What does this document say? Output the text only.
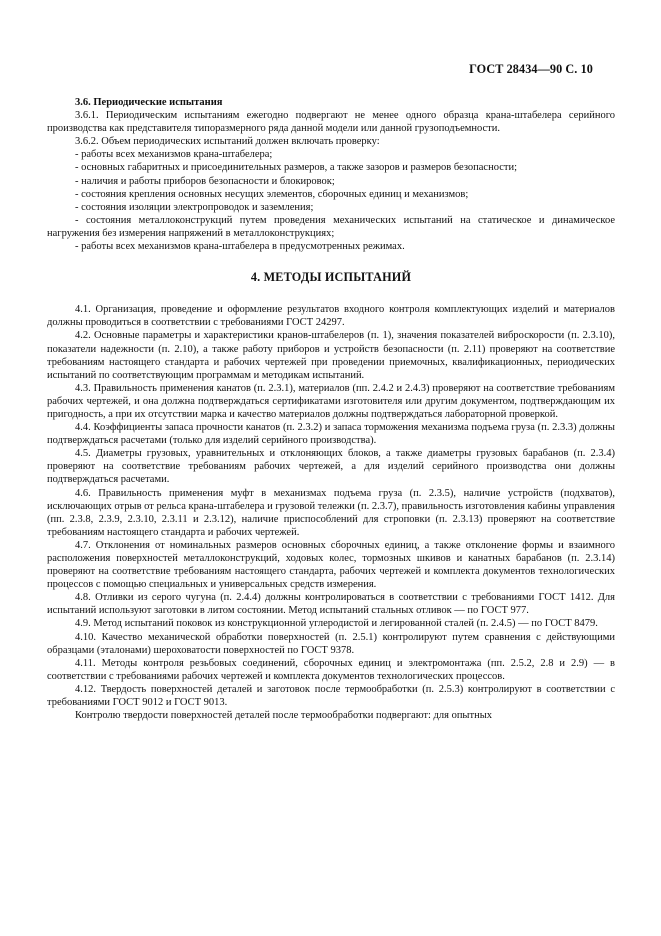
ГОСТ 28434—90 С. 10

3.6. Периодические испытания

3.6.1. Периодическим испытаниям ежегодно подвергают не менее одного образца крана-штабелера серийного производства как представителя типоразмерного ряда данной модели или данной грузоподъемности.

3.6.2. Объем периодических испытаний должен включать проверку:

- работы всех механизмов крана-штабелера;

- основных габаритных и присоединительных размеров, а также зазоров и размеров безопасности;

- наличия и работы приборов безопасности и блокировок;

- состояния крепления основных несущих элементов, сборочных единиц и механизмов;

- состояния изоляции электропроводок и заземления;

- состояния металлоконструкций путем проведения механических испытаний на статическое и динамическое нагружения без измерения напряжений в металлоконструкциях;

- работы всех механизмов крана-штабелера в предусмотренных режимах.

4. МЕТОДЫ ИСПЫТАНИЙ

4.1. Организация, проведение и оформление результатов входного контроля комплектующих изделий и материалов должны проводиться в соответствии с требованиями ГОСТ 24297.

4.2. Основные параметры и характеристики кранов-штабелеров (п. 1), значения показателей виброскорости (п. 2.3.10), показатели надежности (п. 2.10), а также работу приборов и устройств безопасности (п. 2.11) проверяют на соответствие требованиям настоящего стандарта и рабочих чертежей при проведении приемочных, квалификационных, периодических испытаний по соответствующим программам и методикам испытаний.

4.3. Правильность применения канатов (п. 2.3.1), материалов (пп. 2.4.2 и 2.4.3) проверяют на соответствие требованиям рабочих чертежей, и она должна подтверждаться сертификатами изготовителя или другим документом, подтверждающим их пригодность, а при их отсутствии марка и качество материалов должны подтверждаться лабораторной проверкой.

4.4. Коэффициенты запаса прочности канатов (п. 2.3.2) и запаса торможения механизма подъема груза (п. 2.3.3) должны подтверждаться расчетами (только для изделий серийного производства).

4.5. Диаметры грузовых, уравнительных и отклоняющих блоков, а также диаметры грузовых барабанов (п. 2.3.4) проверяют на соответствие требованиям рабочих чертежей, а для изделий серийного производства они должны подтверждаться расчетами.

4.6. Правильность применения муфт в механизмах подъема груза (п. 2.3.5), наличие устройств (подхватов), исключающих отрыв от рельса крана-штабелера и грузовой тележки (п. 2.3.7), правильность изготовления кабины управления (пп. 2.3.8, 2.3.9, 2.3.10, 2.3.11 и 2.3.12), наличие приспособлений для строповки (п. 2.3.13) проверяют на соответствие требованиям настоящего стандарта и рабочих чертежей.

4.7. Отклонения от номинальных размеров основных сборочных единиц, а также отклонение формы и взаимного расположения поверхностей металлоконструкций, ходовых колес, тормозных шкивов и канатных барабанов (п. 2.3.14) проверяют на соответствие требованиям настоящего стандарта, рабочих чертежей и комплекта документов технологических процессов с помощью специальных и универсальных средств измерения.

4.8. Отливки из серого чугуна (п. 2.4.4) должны контролироваться в соответствии с требованиями ГОСТ 1412. Для испытаний используют заготовки в литом состоянии. Метод испытаний стальных отливок — по ГОСТ 977.

4.9. Метод испытаний поковок из конструкционной углеродистой и легированной сталей (п. 2.4.5) — по ГОСТ 8479.

4.10. Качество механической обработки поверхностей (п. 2.5.1) контролируют путем сравнения с действующими образцами (эталонами) шероховатости поверхностей по ГОСТ 9378.

4.11. Методы контроля резьбовых соединений, сборочных единиц и электромонтажа (пп. 2.5.2, 2.8 и 2.9) — в соответствии с требованиями рабочих чертежей и комплекта документов технологических процессов.

4.12. Твердость поверхностей деталей и заготовок после термообработки (п. 2.5.3) контролируют в соответствии с требованиями ГОСТ 9012 и ГОСТ 9013.

Контролю твердости поверхностей деталей после термообработки подвергают: для опытных
